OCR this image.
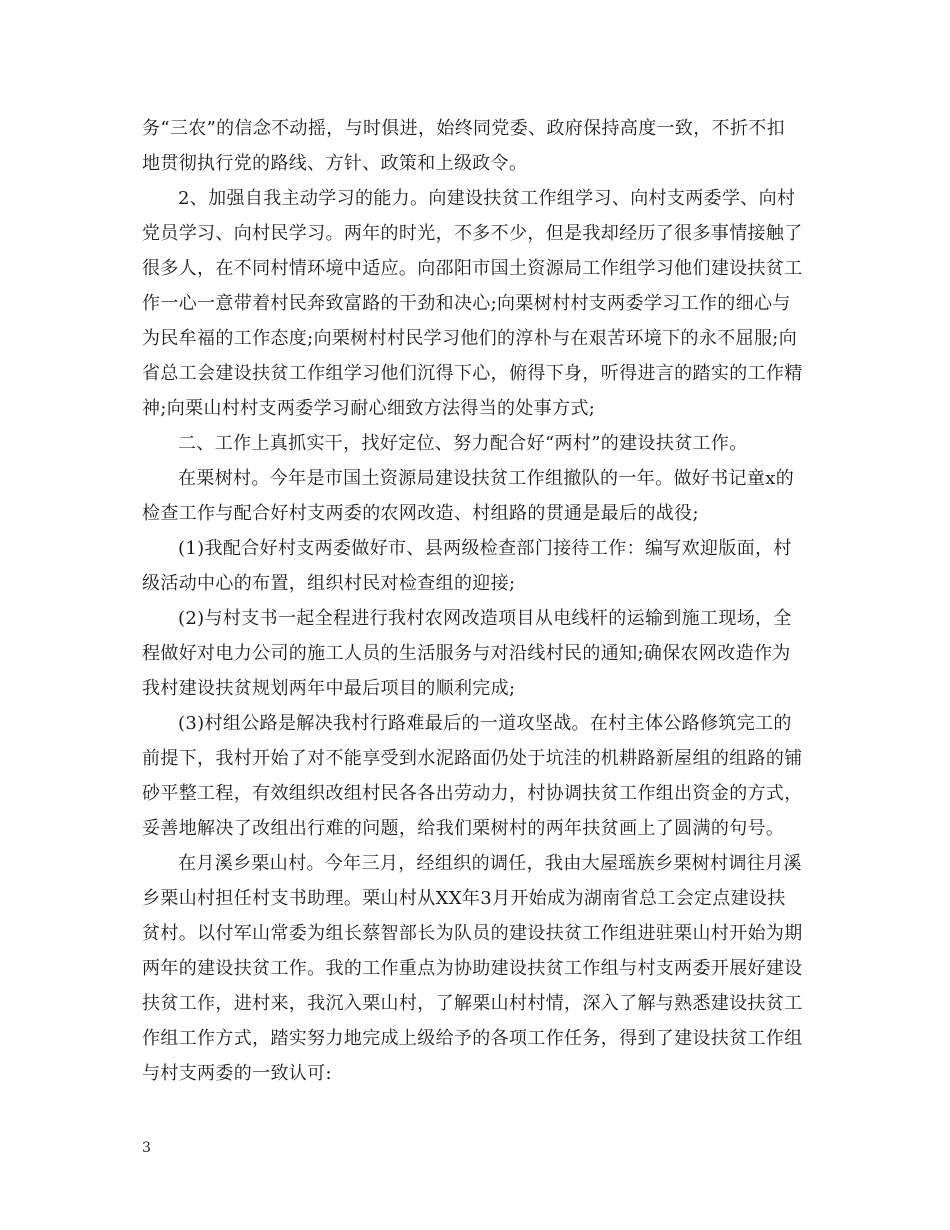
务“三农”的信念不动摇，与时俱进，始终同党委、政府保持高度一致，不折不扣
地贯彻执行党的路线、方针、政策和上级政令。

2、加强自我主动学习的能力。向建设扶贫工作组学习、向村支两委学、向村
党员学习、向村民学习。两年的时光，不多不少，但是我却经历了很多事情接触了
很多人，在不同村情环境中适应。向邵阳市国土资源局工作组学习他们建设扶贫工
作一心一意带着村民奔致富路的干劲和决心;向栗树村村支两委学习工作的细心与
为民牟福的工作态度;向栗树村村民学习他们的淳朴与在艰苦环境下的永不屈服;向
省总工会建设扶贫工作组学习他们沉得下心，俯得下身，听得进言的踏实的工作精
神;向栗山村村支两委学习耐心细致方法得当的处事方式;

二、工作上真抓实干，找好定位、努力配合好“两村”的建设扶贫工作。

在栗树村。今年是市国土资源局建设扶贫工作组撤队的一年。做好书记童x的
检查工作与配合好村支两委的农网改造、村组路的贯通是最后的战役;

(1)我配合好村支两委做好市、县两级检查部门接待工作：编写欢迎版面，村
级活动中心的布置，组织村民对检查组的迎接;

(2)与村支书一起全程进行我村农网改造项目从电线杆的运输到施工现场，全
程做好对电力公司的施工人员的生活服务与对沿线村民的通知;确保农网改造作为
我村建设扶贫规划两年中最后项目的顺利完成;

(3)村组公路是解决我村行路难最后的一道攻坚战。在村主体公路修筑完工的
前提下，我村开始了对不能享受到水泥路面仍处于坑洼的机耕路新屋组的组路的铺
砂平整工程，有效组织改组村民各各出劳动力，村协调扶贫工作组出资金的方式，
妥善地解决了改组出行难的问题，给我们栗树村的两年扶贫画上了圆满的句号。

在月溪乡栗山村。今年三月，经组织的调任，我由大屋瑶族乡栗树村调往月溪
乡栗山村担任村支书助理。栗山村从XX年3月开始成为湖南省总工会定点建设扶
贫村。以付军山常委为组长蔡智部长为队员的建设扶贫工作组进驻栗山村开始为期
两年的建设扶贫工作。我的工作重点为协助建设扶贫工作组与村支两委开展好建设
扶贫工作，进村来，我沉入栗山村，了解栗山村村情，深入了解与熟悉建设扶贫工
作组工作方式，踏实努力地完成上级给予的各项工作任务，得到了建设扶贫工作组
与村支两委的一致认可:

3
